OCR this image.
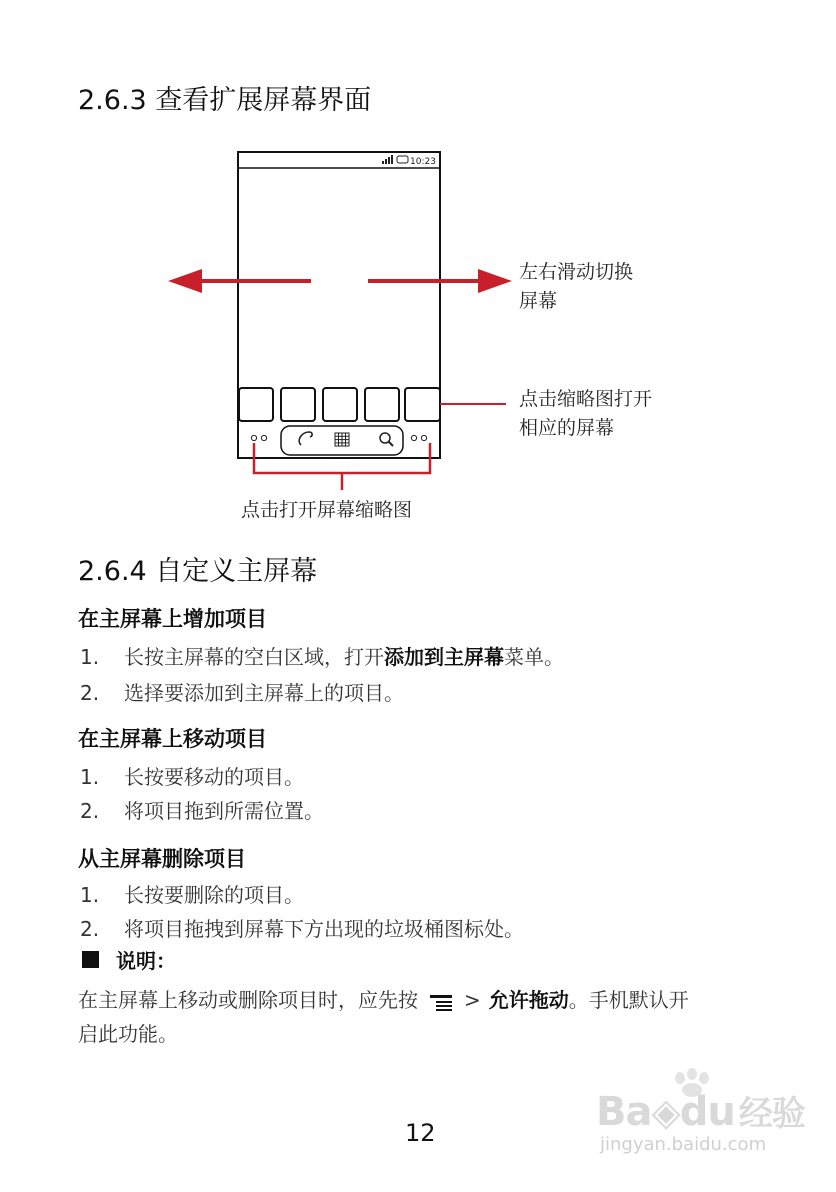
2.6.3 查看扩展屏幕界面
10:23
左右滑动切换
屏幕
点击缩略图打开
相应的屏幕
点击打开屏幕缩略图
2.6.4 自定义主屏幕
在主屏幕上增加项目
1. 长按主屏幕的空白区域，打开添加到主屏幕菜单。
2. 选择要添加到主屏幕上的项目。
在主屏幕上移动项目
1. 长按要移动的项目。
2. 将项目拖到所需位置。
从主屏幕删除项目
1. 长按要删除的项目。
2. 将项目拖拽到屏幕下方出现的垃圾桶图标处。
说明：
在主屏幕上移动或删除项目时，应先按 > 允许拖动。手机默认开
启此功能。
12	Ba◈du 经验
jingyan.baidu.com
